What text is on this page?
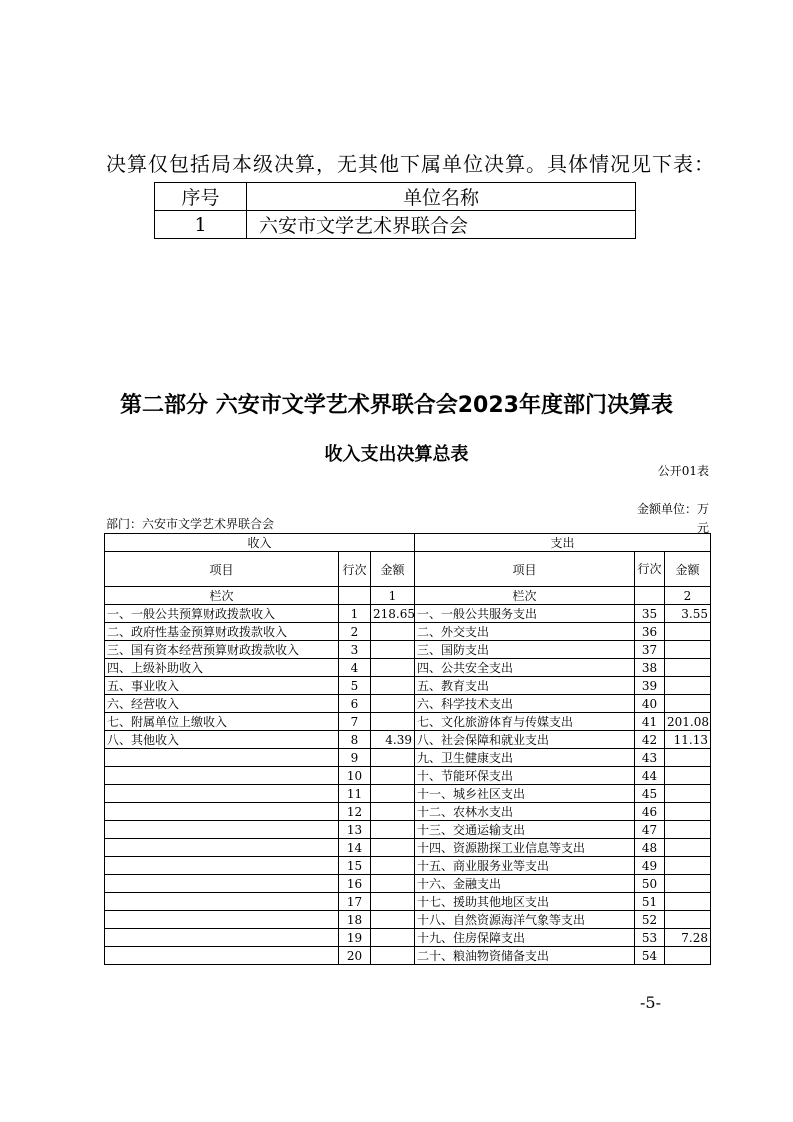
决算仅包括局本级决算，无其他下属单位决算。具体情况见下表：
序号	单位名称
1	六安市文学艺术界联合会
第二部分 六安市文学艺术界联合会2023年度部门决算表
收入支出决算总表
公开01表
金额单位：万元
部门：六安市文学艺术界联合会
收入			支出		
项目	行次	金额	项目	行次	金额
栏次		1	栏次		2
一、一般公共预算财政拨款收入	1	218.65	一、一般公共服务支出	35	3.55
二、政府性基金预算财政拨款收入	2		二、外交支出	36	
三、国有资本经营预算财政拨款收入	3		三、国防支出	37	
四、上级补助收入	4		四、公共安全支出	38	
五、事业收入	5		五、教育支出	39	
六、经营收入	6		六、科学技术支出	40	
七、附属单位上缴收入	7		七、文化旅游体育与传媒支出	41	201.08
八、其他收入	8	4.39	八、社会保障和就业支出	42	11.13
	9		九、卫生健康支出	43	
	10		十、节能环保支出	44	
	11		十一、城乡社区支出	45	
	12		十二、农林水支出	46	
	13		十三、交通运输支出	47	
	14		十四、资源勘探工业信息等支出	48	
	15		十五、商业服务业等支出	49	
	16		十六、金融支出	50	
	17		十七、援助其他地区支出	51	
	18		十八、自然资源海洋气象等支出	52	
	19		十九、住房保障支出	53	7.28
	20		二十、粮油物资储备支出	54	
-5-
